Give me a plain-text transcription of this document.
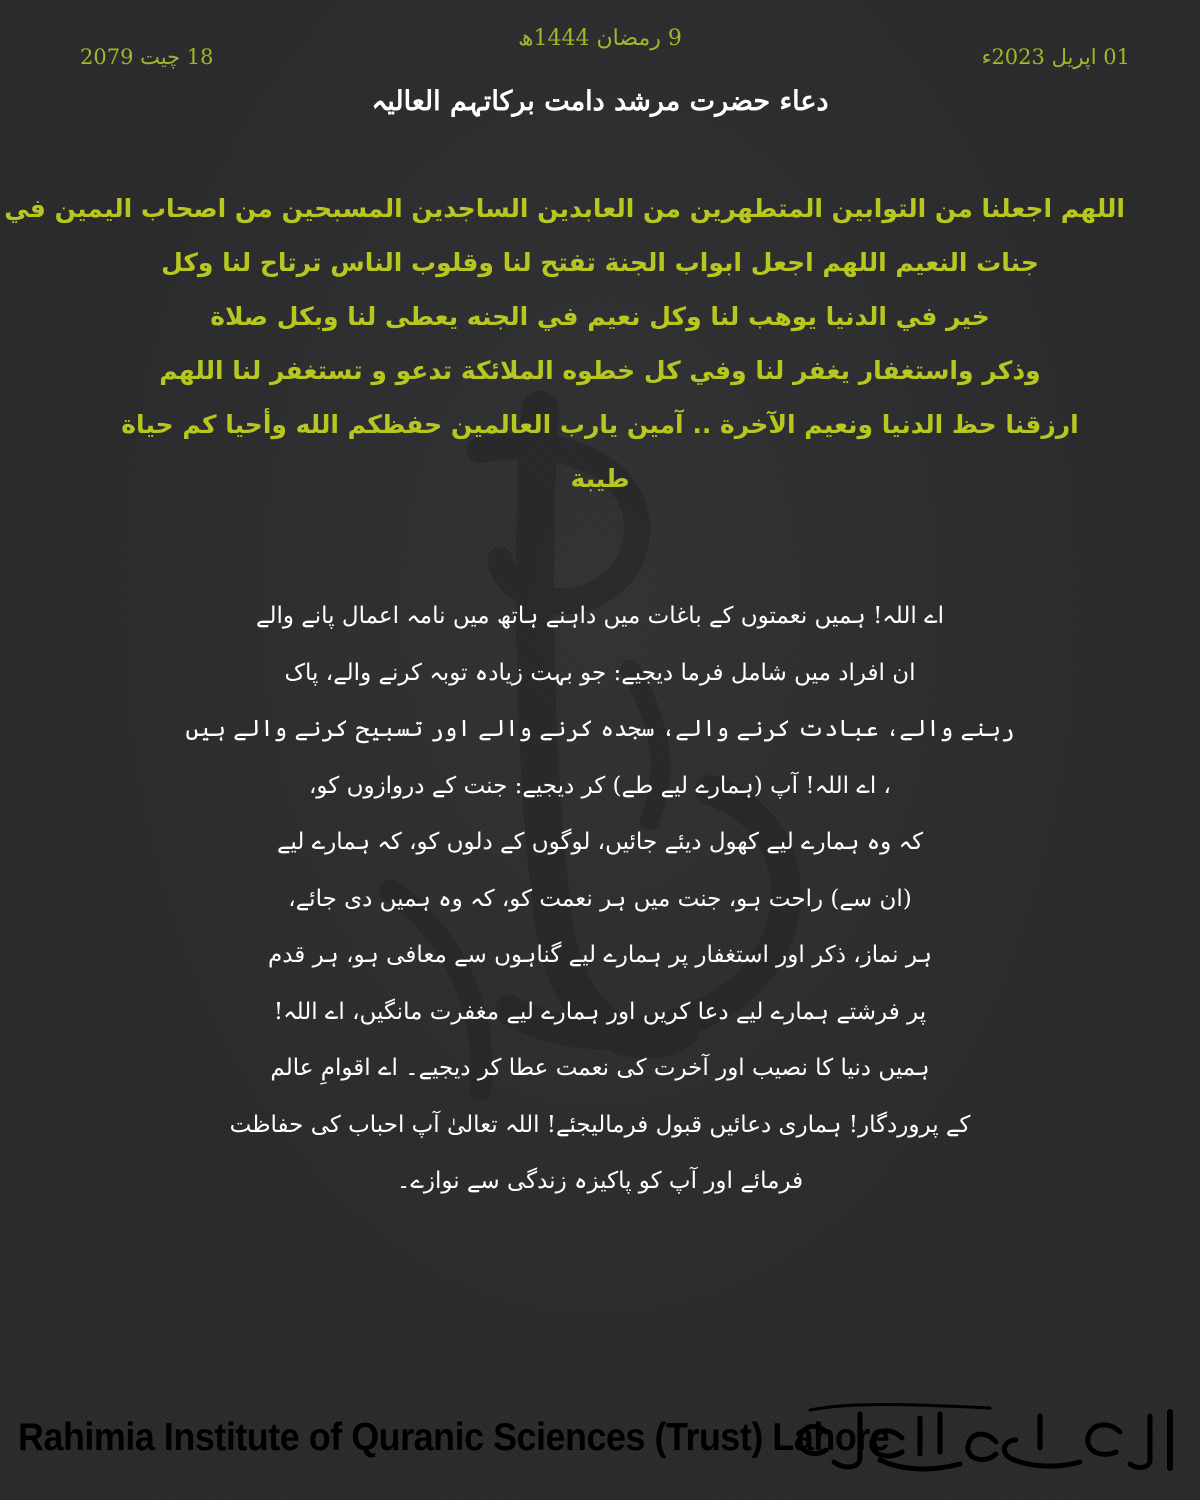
9 رمضان 1444ھ
01 اپریل 2023ء
18 چیت 2079
دعاء حضرت مرشد دامت برکاتہم العالیہ
اللهم اجعلنا من التوابين المتطهرين من العابدين الساجدين المسبحين من اصحاب اليمين في
جنات النعيم اللهم اجعل ابواب الجنة تفتح لنا وقلوب الناس ترتاح لنا وكل
خير في الدنيا يوهب لنا وكل نعيم في الجنه يعطى لنا وبكل صلاة
وذكر واستغفار يغفر لنا وفي كل خطوه الملائكة تدعو و تستغفر لنا اللهم
ارزقنا حظ الدنيا ونعيم الآخرة .. آمين يارب العالمين حفظكم الله وأحيا كم حياة
طيبة
اے اللہ! ہمیں نعمتوں کے باغات میں داہنے ہاتھ میں نامہ اعمال پانے والے
ان افراد میں شامل فرما دیجیے: جو بہت زیادہ توبہ کرنے والے، پاک
رہنے والے، عبادت کرنے والے، سجدہ کرنے والے اور تسبیح کرنے والے ہیں
، اے اللہ! آپ (ہمارے لیے طے) کر دیجیے: جنت کے دروازوں کو،
کہ وہ ہمارے لیے کھول دیئے جائیں، لوگوں کے دلوں کو، کہ ہمارے لیے
(ان سے) راحت ہو، جنت میں ہر نعمت کو، کہ وہ ہمیں دی جائے،
ہر نماز، ذکر اور استغفار پر ہمارے لیے گناہوں سے معافی ہو، ہر قدم
پر فرشتے ہمارے لیے دعا کریں اور ہمارے لیے مغفرت مانگیں، اے اللہ!
ہمیں دنیا کا نصیب اور آخرت کی نعمت عطا کر دیجیے۔ اے اقوامِ عالم
کے پروردگار! ہماری دعائیں قبول فرمالیجئے! اللہ تعالیٰ آپ احباب کی حفاظت
فرمائے اور آپ کو پاکیزہ زندگی سے نوازے۔
Rahimia Institute of Quranic Sciences (Trust) Lahore
